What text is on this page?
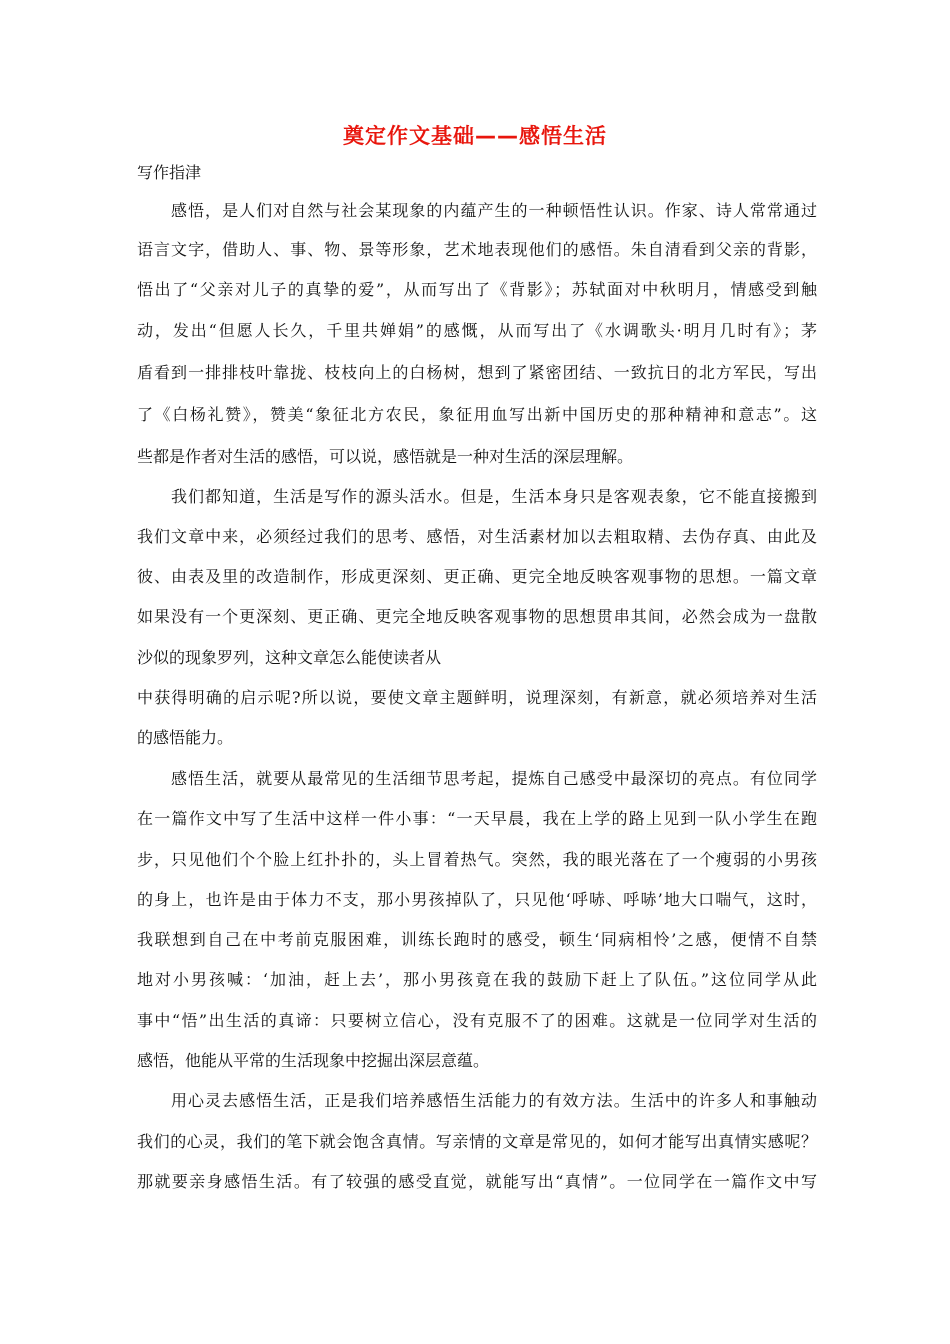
奠定作文基础——感悟生活
写作指津
感悟，是人们对自然与社会某现象的内蕴产生的一种顿悟性认识。作家、诗人常常通过
语言文字，借助人、事、物、景等形象，艺术地表现他们的感悟。朱自清看到父亲的背影，
悟出了“父亲对儿子的真挚的爱”，从而写出了《背影》；苏轼面对中秋明月，情感受到触
动，发出“但愿人长久，千里共婵娟”的感慨，从而写出了《水调歌头·明月几时有》；茅
盾看到一排排枝叶靠拢、枝枝向上的白杨树，想到了紧密团结、一致抗日的北方军民，写出
了《白杨礼赞》，赞美“象征北方农民，象征用血写出新中国历史的那种精神和意志”。这
些都是作者对生活的感悟，可以说，感悟就是一种对生活的深层理解。
我们都知道，生活是写作的源头活水。但是，生活本身只是客观表象，它不能直接搬到
我们文章中来，必须经过我们的思考、感悟，对生活素材加以去粗取精、去伪存真、由此及
彼、由表及里的改造制作，形成更深刻、更正确、更完全地反映客观事物的思想。一篇文章
如果没有一个更深刻、更正确、更完全地反映客观事物的思想贯串其间，必然会成为一盘散
沙似的现象罗列，这种文章怎么能使读者从
中获得明确的启示呢?所以说，要使文章主题鲜明，说理深刻，有新意，就必须培养对生活
的感悟能力。
感悟生活，就要从最常见的生活细节思考起，提炼自己感受中最深切的亮点。有位同学
在一篇作文中写了生活中这样一件小事：“一天早晨，我在上学的路上见到一队小学生在跑
步，只见他们个个脸上红扑扑的，头上冒着热气。突然，我的眼光落在了一个瘦弱的小男孩
的身上，也许是由于体力不支，那小男孩掉队了，只见他‘呼哧、呼哧’地大口喘气，这时，
我联想到自己在中考前克服困难，训练长跑时的感受，顿生‘同病相怜’之感，便情不自禁
地对小男孩喊：‘加油，赶上去’，那小男孩竟在我的鼓励下赶上了队伍。”这位同学从此
事中“悟”出生活的真谛：只要树立信心，没有克服不了的困难。这就是一位同学对生活的
感悟，他能从平常的生活现象中挖掘出深层意蕴。
用心灵去感悟生活，正是我们培养感悟生活能力的有效方法。生活中的许多人和事触动
我们的心灵，我们的笔下就会饱含真情。写亲情的文章是常见的，如何才能写出真情实感呢？
那就要亲身感悟生活。有了较强的感受直觉，就能写出“真情”。一位同学在一篇作文中写
